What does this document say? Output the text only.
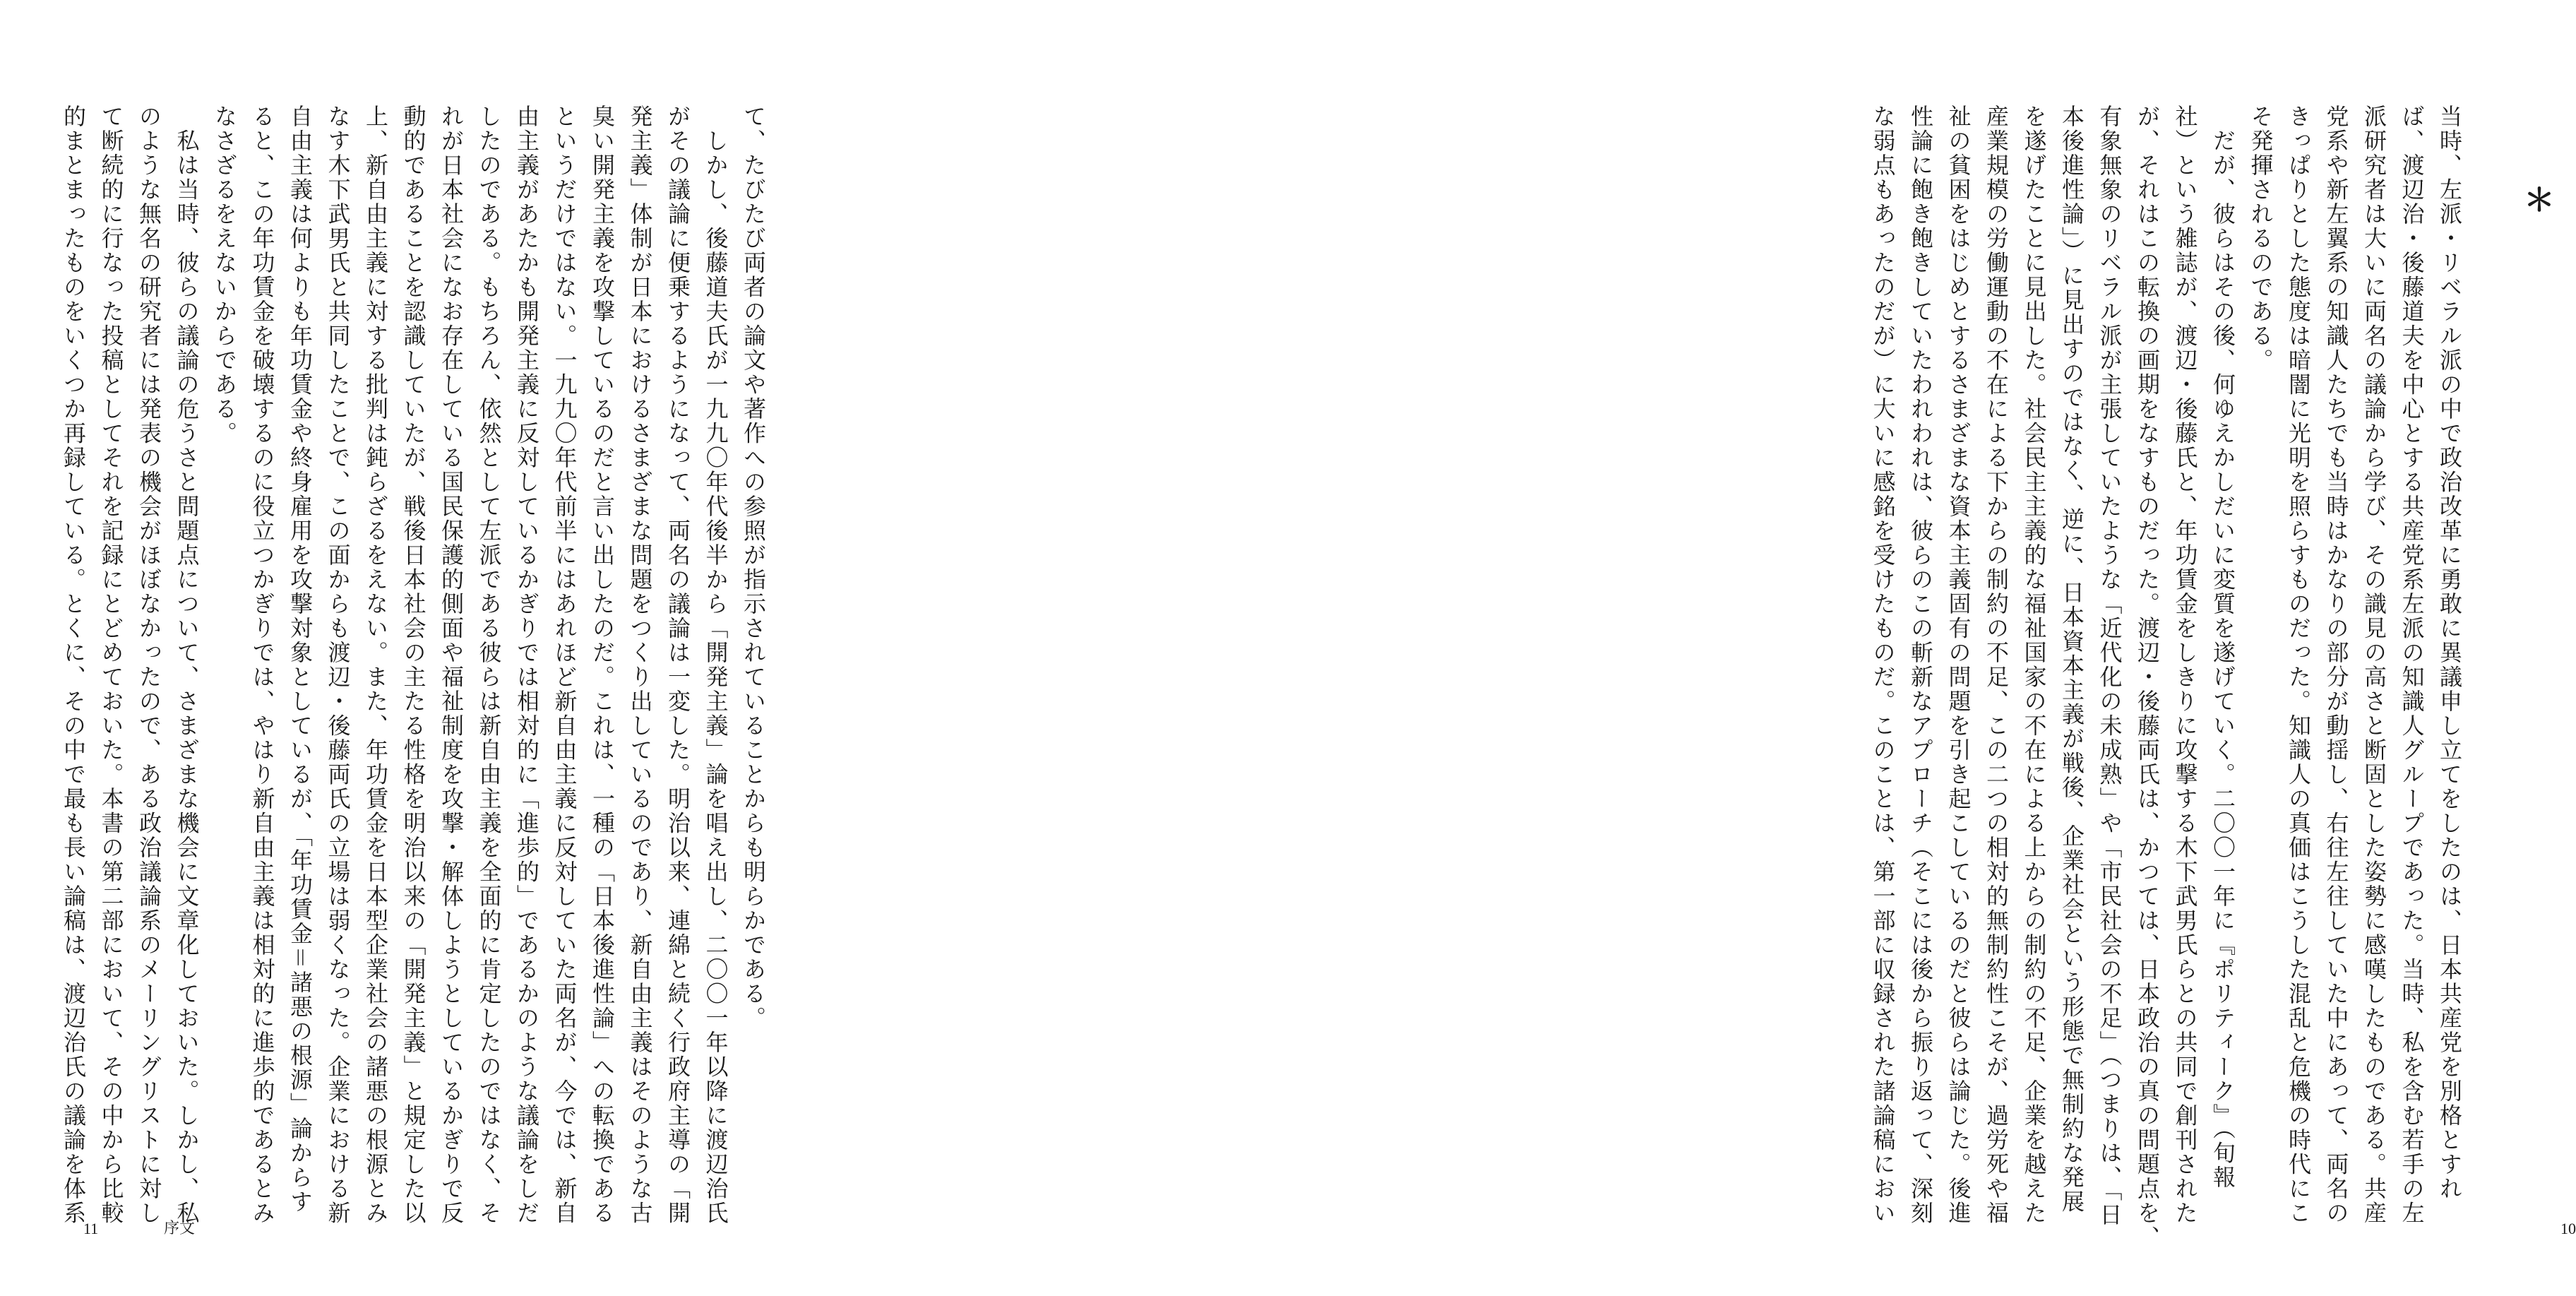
て、たびたび両者の論文や著作への参照が指示されていることからも明らかである。
　しかし、後藤道夫氏が一九九〇年代後半から「開発主義」論を唱え出し、二〇〇一年以降に渡辺治氏
がその議論に便乗するようになって、両名の議論は一変した。明治以来、連綿と続く行政府主導の「開
発主義」体制が日本におけるさまざまな問題をつくり出しているのであり、新自由主義はそのような古
臭い開発主義を攻撃しているのだと言い出したのだ。これは、一種の「日本後進性論」への転換である
というだけではない。一九九〇年代前半にはあれほど新自由主義に反対していた両名が、今では、新自
由主義があたかも開発主義に反対しているかぎりでは相対的に「進歩的」であるかのような議論をしだ
したのである。もちろん、依然として左派である彼らは新自由主義を全面的に肯定したのではなく、そ
れが日本社会になお存在している国民保護的側面や福祉制度を攻撃・解体しようとしているかぎりで反
動的であることを認識していたが、戦後日本社会の主たる性格を明治以来の「開発主義」と規定した以
上、新自由主義に対する批判は鈍らざるをえない。また、年功賃金を日本型企業社会の諸悪の根源とみ
なす木下武男氏と共同したことで、この面からも渡辺・後藤両氏の立場は弱くなった。企業における新
自由主義は何よりも年功賃金や終身雇用を攻撃対象としているが、「年功賃金＝諸悪の根源」論からす
ると、この年功賃金を破壊するのに役立つかぎりでは、やはり新自由主義は相対的に進歩的であるとみ
なさざるをえないからである。
　私は当時、彼らの議論の危うさと問題点について、さまざまな機会に文章化しておいた。しかし、私
のような無名の研究者には発表の機会がほぼなかったので、ある政治議論系のメーリングリストに対し
て断続的に行なった投稿としてそれを記録にとどめておいた。本書の第二部において、その中から比較
的まとまったものをいくつか再録している。とくに、その中で最も長い論稿は、渡辺治氏の議論を体系
11	序文
＊
当時、左派・リベラル派の中で政治改革に勇敢に異議申し立てをしたのは、日本共産党を別格とすれ
ば、渡辺治・後藤道夫を中心とする共産党系左派の知識人グループであった。当時、私を含む若手の左
派研究者は大いに両名の議論から学び、その識見の高さと断固とした姿勢に感嘆したものである。共産
党系や新左翼系の知識人たちでも当時はかなりの部分が動揺し、右往左往していた中にあって、両名の
きっぱりとした態度は暗闇に光明を照らすものだった。知識人の真価はこうした混乱と危機の時代にこ
そ発揮されるのである。
　だが、彼らはその後、何ゆえかしだいに変質を遂げていく。二〇〇一年に『ポリティーク』（旬報
社）という雑誌が、渡辺・後藤氏と、年功賃金をしきりに攻撃する木下武男氏らとの共同で創刊された
が、それはこの転換の画期をなすものだった。渡辺・後藤両氏は、かつては、日本政治の真の問題点を、
有象無象のリベラル派が主張していたような「近代化の未成熟」や「市民社会の不足」（つまりは、「日
本後進性論」）に見出すのではなく、逆に、日本資本主義が戦後、企業社会という形態で無制約な発展
を遂げたことに見出した。社会民主主義的な福祉国家の不在による上からの制約の不足、企業を越えた
産業規模の労働運動の不在による下からの制約の不足、この二つの相対的無制約性こそが、過労死や福
祉の貧困をはじめとするさまざまな資本主義固有の問題を引き起こしているのだと彼らは論じた。後進
性論に飽き飽きしていたわれわれは、彼らのこの斬新なアプローチ（そこには後から振り返って、深刻
な弱点もあったのだが）に大いに感銘を受けたものだ。このことは、第一部に収録された諸論稿におい
10
